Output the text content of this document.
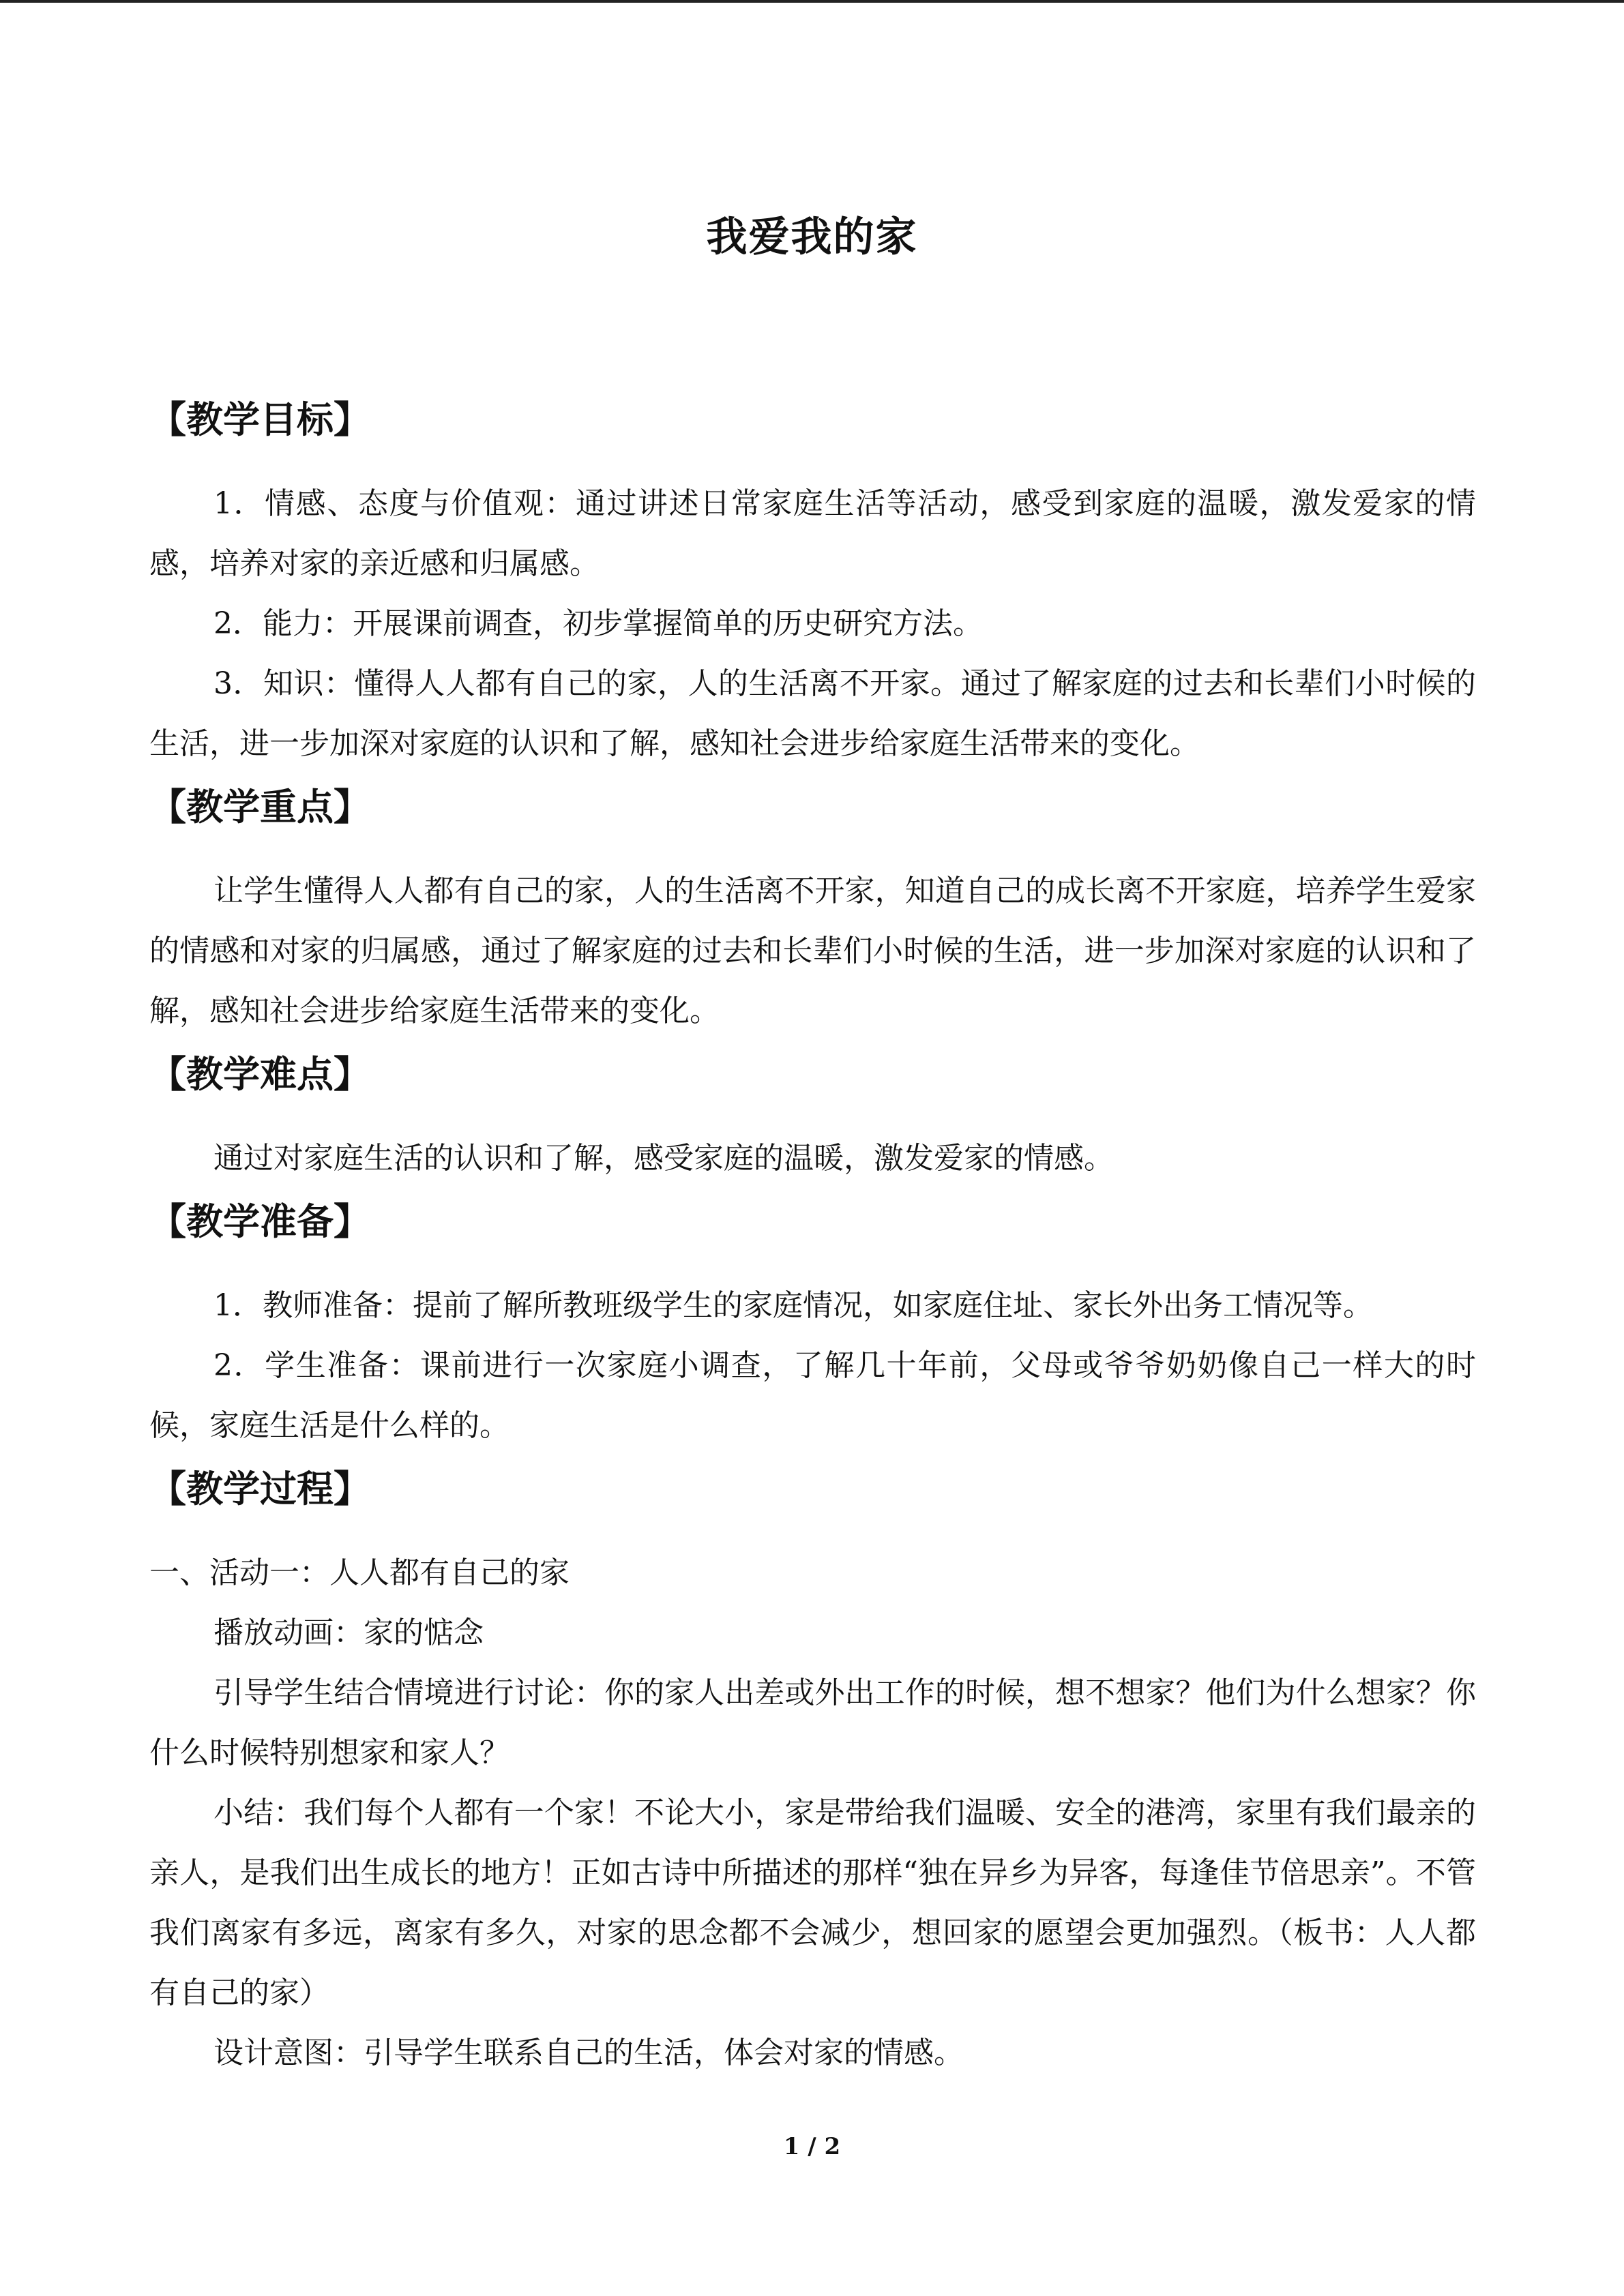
我爱我的家
【教学目标】

1．情感、态度与价值观：通过讲述日常家庭生活等活动，感受到家庭的温暖，激发爱家的情感，培养对家的亲近感和归属感。

2．能力：开展课前调查，初步掌握简单的历史研究方法。

3．知识：懂得人人都有自己的家，人的生活离不开家。通过了解家庭的过去和长辈们小时候的生活，进一步加深对家庭的认识和了解，感知社会进步给家庭生活带来的变化。

【教学重点】

让学生懂得人人都有自己的家，人的生活离不开家，知道自己的成长离不开家庭，培养学生爱家的情感和对家的归属感，通过了解家庭的过去和长辈们小时候的生活，进一步加深对家庭的认识和了解，感知社会进步给家庭生活带来的变化。

【教学难点】

通过对家庭生活的认识和了解，感受家庭的温暖，激发爱家的情感。

【教学准备】

1．教师准备：提前了解所教班级学生的家庭情况，如家庭住址、家长外出务工情况等。

2．学生准备：课前进行一次家庭小调查，了解几十年前，父母或爷爷奶奶像自己一样大的时候，家庭生活是什么样的。

【教学过程】

一、活动一：人人都有自己的家

播放动画：家的惦念

引导学生结合情境进行讨论：你的家人出差或外出工作的时候，想不想家？他们为什么想家？你什么时候特别想家和家人？

小结：我们每个人都有一个家！不论大小，家是带给我们温暖、安全的港湾，家里有我们最亲的亲人，是我们出生成长的地方！正如古诗中所描述的那样“独在异乡为异客，每逢佳节倍思亲”。不管我们离家有多远，离家有多久，对家的思念都不会减少，想回家的愿望会更加强烈。（板书：人人都有自己的家）

设计意图：引导学生联系自己的生活，体会对家的情感。

1 / 2
